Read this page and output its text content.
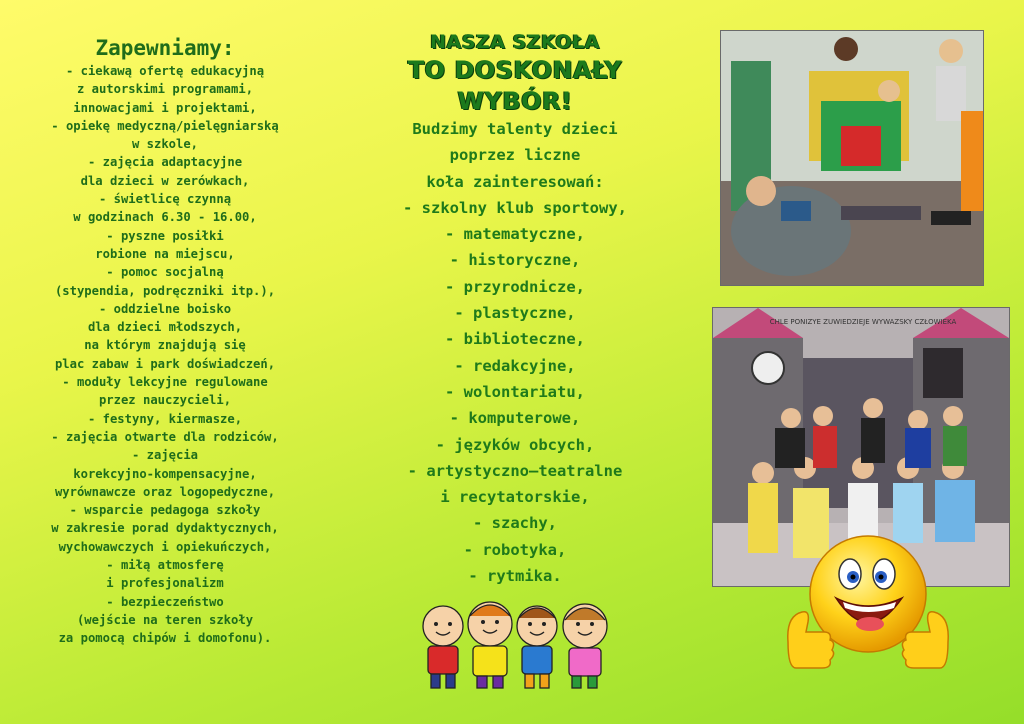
Zapewniamy:
- ciekawą ofertę edukacyjną
z autorskimi programami,
innowacjami i projektami,
- opiekę medyczną/pielęgniarską
w szkole,
- zajęcia adaptacyjne
dla dzieci w zerówkach,
- świetlicę czynną
w godzinach 6.30 - 16.00,
- pyszne posiłki
robione na miejscu,
- pomoc socjalną
(stypendia, podręczniki itp.),
- oddzielne boisko
dla dzieci młodszych,
na którym znajdują się
plac zabaw i park doświadczeń,
- moduły lekcyjne regulowane
przez nauczycieli,
- festyny, kiermasze,
- zajęcia otwarte dla rodziców,
- zajęcia
korekcyjno-kompensacyjne,
wyrównawcze oraz logopedyczne,
- wsparcie pedagoga szkoły
w zakresie porad dydaktycznych,
wychowawczych i opiekuńczych,
- miłą atmosferę
i profesjonalizm
- bezpieczeństwo
(wejście na teren szkoły
za pomocą chipów i domofonu).
NASZA SZKOŁA
TO DOSKONAŁY
WYBÓR!
Budzimy talenty dzieci
poprzez liczne
koła zainteresowań:
- szkolny klub sportowy,
- matematyczne,
- historyczne,
- przyrodnicze,
- plastyczne,
- biblioteczne,
- redakcyjne,
- wolontariatu,
- komputerowe,
- języków obcych,
- artystyczno–teatralne
i recytatorskie,
- szachy,
- robotyka,
- rytmika.
CHLE PONIZYE ZUWIEDZIEJE WYWAZSKY CZŁOWIEKA
